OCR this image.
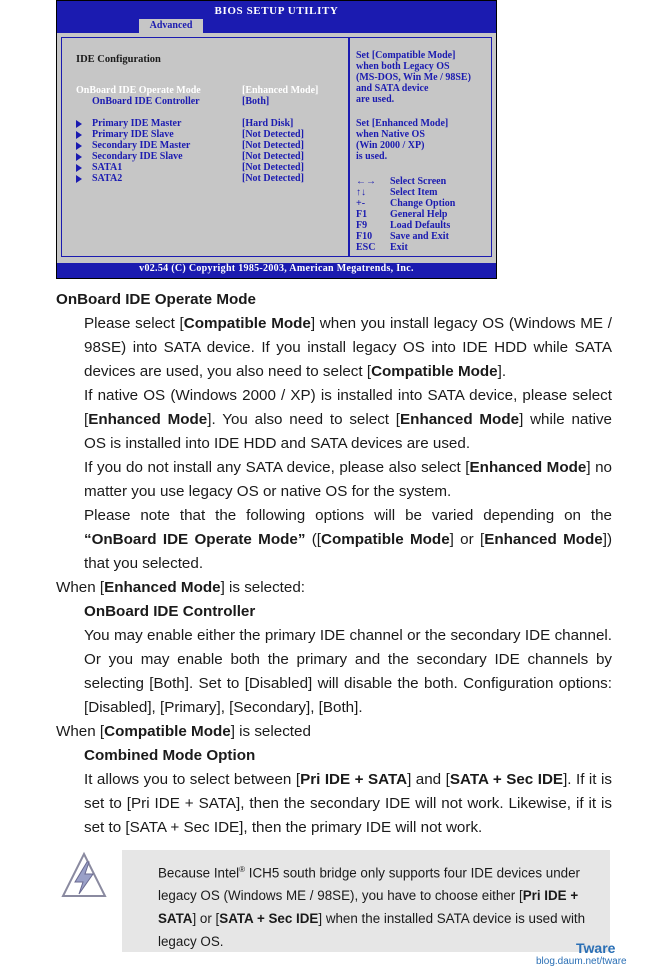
BIOS SETUP UTILITY
Advanced
IDE Configuration
OnBoard IDE Operate Mode	[Enhanced Mode]
OnBoard IDE Controller	[Both]
Primary IDE Master	[Hard Disk]
Primary IDE Slave	[Not Detected]
Secondary IDE Master	[Not Detected]
Secondary IDE Slave	[Not Detected]
SATA1	[Not Detected]
SATA2	[Not Detected]
Set [Compatible Mode]
when both Legacy OS
(MS-DOS, Win Me / 98SE)
and SATA device
are used.
Set [Enhanced Mode]
when Native OS
(Win 2000 / XP)
is used.
←→ Select Screen
↑↓ Select Item
+- Change Option
F1 General Help
F9 Load Defaults
F10 Save and Exit
ESC Exit
v02.54 (C) Copyright 1985-2003, American Megatrends, Inc.
OnBoard IDE Operate Mode
Please select [Compatible Mode] when you install legacy OS (Windows ME / 98SE) into SATA device. If you install legacy OS into IDE HDD while SATA devices are used, you also need to select [Compatible Mode].
If native OS (Windows 2000 / XP) is installed into SATA device, please select [Enhanced Mode]. You also need to select [Enhanced Mode] while native OS is installed into IDE HDD and SATA devices are used.
If you do not install any SATA device, please also select [Enhanced Mode] no matter you use legacy OS or native OS for the system.
Please note that the following options will be varied depending on the “OnBoard IDE Operate Mode” ([Compatible Mode] or [Enhanced Mode]) that you selected.
When [Enhanced Mode] is selected:
OnBoard IDE Controller
You may enable either the primary IDE channel or the secondary IDE channel. Or you may enable both the primary and the secondary IDE channels by selecting [Both]. Set to [Disabled] will disable the both. Configuration options: [Disabled], [Primary], [Secondary], [Both].
When [Compatible Mode] is selected
Combined Mode Option
It allows you to select between [Pri IDE + SATA] and [SATA + Sec IDE]. If it is set to [Pri IDE + SATA], then the secondary IDE will not work. Likewise, if it is set to [SATA + Sec IDE], then the primary IDE will not work.
Because Intel® ICH5 south bridge only supports four IDE devices under legacy OS (Windows ME / 98SE), you have to choose either [Pri IDE + SATA] or [SATA + Sec IDE] when the installed SATA device is used with legacy OS.	Tware
blog.daum.net/tware
